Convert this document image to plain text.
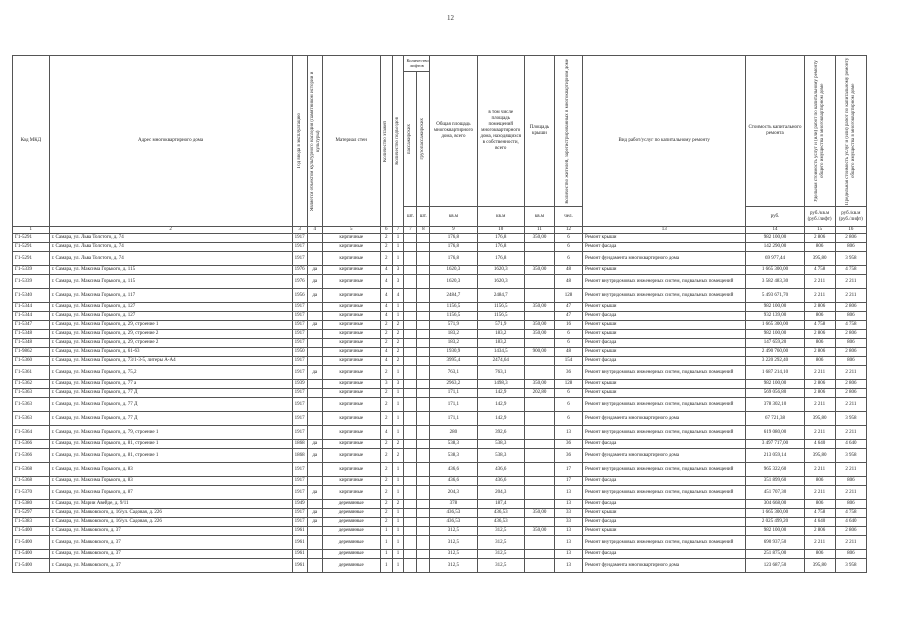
12
Код МКД	Адрес многоквартирного дома	Год ввода в эксплуатацию	Является объектом культурного наследия (памятником истории и культуры)	Материал стен	Количество этажей	Количество подъездов	Количество лифтов		Общая площадь многоквартирного дома, всего	в том числе площадь помещений многоквартирного дома, находящихся в собственности, всего	Площадь крыши	Количество жителей, зарегистрированных в многоквартирном доме	Вид работ/услуг по капитальному ремонту	Стоимость капитального ремонта	Удельная стоимость услуг и (или) работ по капитальному ремонту общего имущества в многоквартирном доме	Предельная стоимость услуг и (или) работ по капитальному ремонту общего имущества в многоквартирном доме

							пассажирских	грузопассажирских								

							шт.	шт.	кв.м	кв.м	кв.м	чел.		руб.	руб./кв.м (руб./лифт)	руб./кв.м (руб./лифт)
1	2	3	4	5	6	7	7	8	9	10	11	12	13	14	15	16
Г1-5291	г. Самара, ул. Льва Толстого, д. 74	1917		кирпичные	2	1			176,8	176,8	350,00	6	Ремонт крыши	982 100,00	2 806	2 806
Г1-5291	г. Самара, ул. Льва Толстого, д. 74	1917		кирпичные	2	1			176,8	176,8		6	Ремонт фасада	142 290,00	806	806
Г1-5291	г. Самара, ул. Льва Толстого, д. 74	1917		кирпичные	2	1			176,8	176,8		6	Ремонт фундамента многоквартирного дома	69 977,44	395,80	3 958
Г1-5339	г. Самара, ул. Максима Горького, д. 115	1976	да	кирпичные	4	3			1620,3	1620,3	350,00	48	Ремонт крыши	1 665 300,00	4 758	4 758
Г1-5339	г. Самара, ул. Максима Горького, д. 115	1976	да	кирпичные	4	3			1620,3	1620,3		48	Ремонт внутридомовых инженерных систем, подвальных помещений	3 582 483,30	2 211	2 211
Г1-5340	г. Самара, ул. Максима Горького, д. 117	1956	да	кирпичные	4	4			2484,7	2484,7		128	Ремонт внутридомовых инженерных систем, подвальных помещений	5 493 671,70	2 211	2 211
Г1-5344	г. Самара, ул. Максима Горького, д. 127	1917		кирпичные	4	1			1156,5	1156,5	350,00	47	Ремонт крыши	982 100,00	2 806	2 806
Г1-5344	г. Самара, ул. Максима Горького, д. 127	1917		кирпичные	4	1			1156,5	1156,5		47	Ремонт фасада	932 139,00	806	806
Г1-5347	г. Самара, ул. Максима Горького, д. 29, строение 1	1917	да	кирпичные	2	2			571,9	571,9	350,00	16	Ремонт крыши	1 665 300,00	4 758	4 758
Г1-5348	г. Самара, ул. Максима Горького, д. 29, строение 2	1917		кирпичные	2	2			183,2	183,2	350,00	6	Ремонт крыши	982 100,00	2 806	2 806
Г1-5348	г. Самара, ул. Максима Горького, д. 29, строение 2	1917		кирпичные	2	2			183,2	183,2		6	Ремонт фасада	147 659,20	806	806
Г1-9862	г. Самара, ул. Максима Горького, д. 61-63	1950		кирпичные	4	2			1930,9	1434,5	900,00	48	Ремонт крыши	2 490 760,00	2 806	2 806
Г1-5360	г. Самара, ул. Максима Горького, д. 73/1-3-5, литеры А-А4	1917		кирпичные	4	2			3995,4	2474,64		154	Ремонт фасада	3 220 292,40	806	806
Г1-5361	г. Самара, ул. Максима Горького, д. 75,2	1917	да	кирпичные	2	1			763,1	763,1		36	Ремонт внутридомовых инженерных систем, подвальных помещений	1 687 214,10	2 211	2 211
Г1-5362	г. Самара, ул. Максима Горького, д. 77 а	1939		кирпичные	3	3			2963,2	1498,3	350,00	128	Ремонт крыши	982 100,00	2 806	2 806
Г1-5363	г. Самара, ул. Максима Горького, д. 77 Д	1917		кирпичные	2	1			171,1	142,9	202,80	6	Ремонт крыши	569 056,80	2 806	2 806
Г1-5363	г. Самара, ул. Максима Горького, д. 77 Д	1917		кирпичные	2	1			171,1	142,9		6	Ремонт внутридомовых инженерных систем, подвальных помещений	378 302,10	2 211	2 211
Г1-5363	г. Самара, ул. Максима Горького, д. 77 Д	1917		кирпичные	2	1			171,1	142,9		6	Ремонт фундамента многоквартирного дома	67 721,38	395,80	3 958
Г1-5364	г. Самара, ул. Максима Горького, д. 79, строение 1	1917		кирпичные	4	1			280	392,6		13	Ремонт внутридомовых инженерных систем, подвальных помещений	619 080,00	2 211	2 211
Г1-5366	г. Самара, ул. Максима Горького, д. 81, строение 1	1868	да	кирпичные	2	2			538,3	538,3		36	Ремонт фасада	3 497 717,00	4 640	4 640
Г1-5366	г. Самара, ул. Максима Горького, д. 81, строение 1	1868	да	кирпичные	2	2			538,3	538,3		36	Ремонт фундамента многоквартирного дома	213 059,14	395,80	3 958
Г1-5368	г. Самара, ул. Максима Горького, д. 83	1917		кирпичные	2	1			436,6	436,6		17	Ремонт внутридомовых инженерных систем, подвальных помещений	965 322,60	2 211	2 211
Г1-5368	г. Самара, ул. Максима Горького, д. 83	1917		кирпичные	2	1			436,6	436,6		17	Ремонт фасада	351 899,60	806	806
Г1-5370	г. Самара, ул. Максима Горького, д. 87	1917	да	кирпичные	2	1			204,3	204,3		13	Ремонт внутридомовых инженерных систем, подвальных помещений	451 707,30	2 211	2 211
Г1-5380	г. Самара, ул. Марии Авейде, д. 9/11	1949		деревянные	2	2			378	187,4		13	Ремонт фасада	304 668,00	806	806
Г1-5297	г. Самара, ул. Маяковского, д. 16/ул. Садовая, д. 226	1917	да	деревянные	2	1			436,53	436,53	350,00	33	Ремонт крыши	1 665 300,00	4 758	4 758
Г1-5383	г. Самара, ул. Маяковского, д. 16/ул. Садовая, д. 226	1917	да	деревянные	2	1			436,53	436,53		33	Ремонт фасада	2 025 499,20	4 640	4 640
Г1-5400	г. Самара, ул. Маяковского, д. 37	1961		деревянные	1	1			312,5	312,5	350,00	13	Ремонт крыши	982 100,00	2 806	2 806
Г1-5400	г. Самара, ул. Маяковского, д. 37	1961		деревянные	1	1			312,5	312,5		13	Ремонт внутридомовых инженерных систем, подвальных помещений	690 937,50	2 211	2 211
Г1-5400	г. Самара, ул. Маяковского, д. 37	1961		деревянные	1	1			312,5	312,5		13	Ремонт фасада	251 875,00	806	806
Г1-5400	г. Самара, ул. Маяковского, д. 37	1961		деревянные	1	1			312,5	312,5		13	Ремонт фундамента многоквартирного дома	123 687,50	395,80	3 958
